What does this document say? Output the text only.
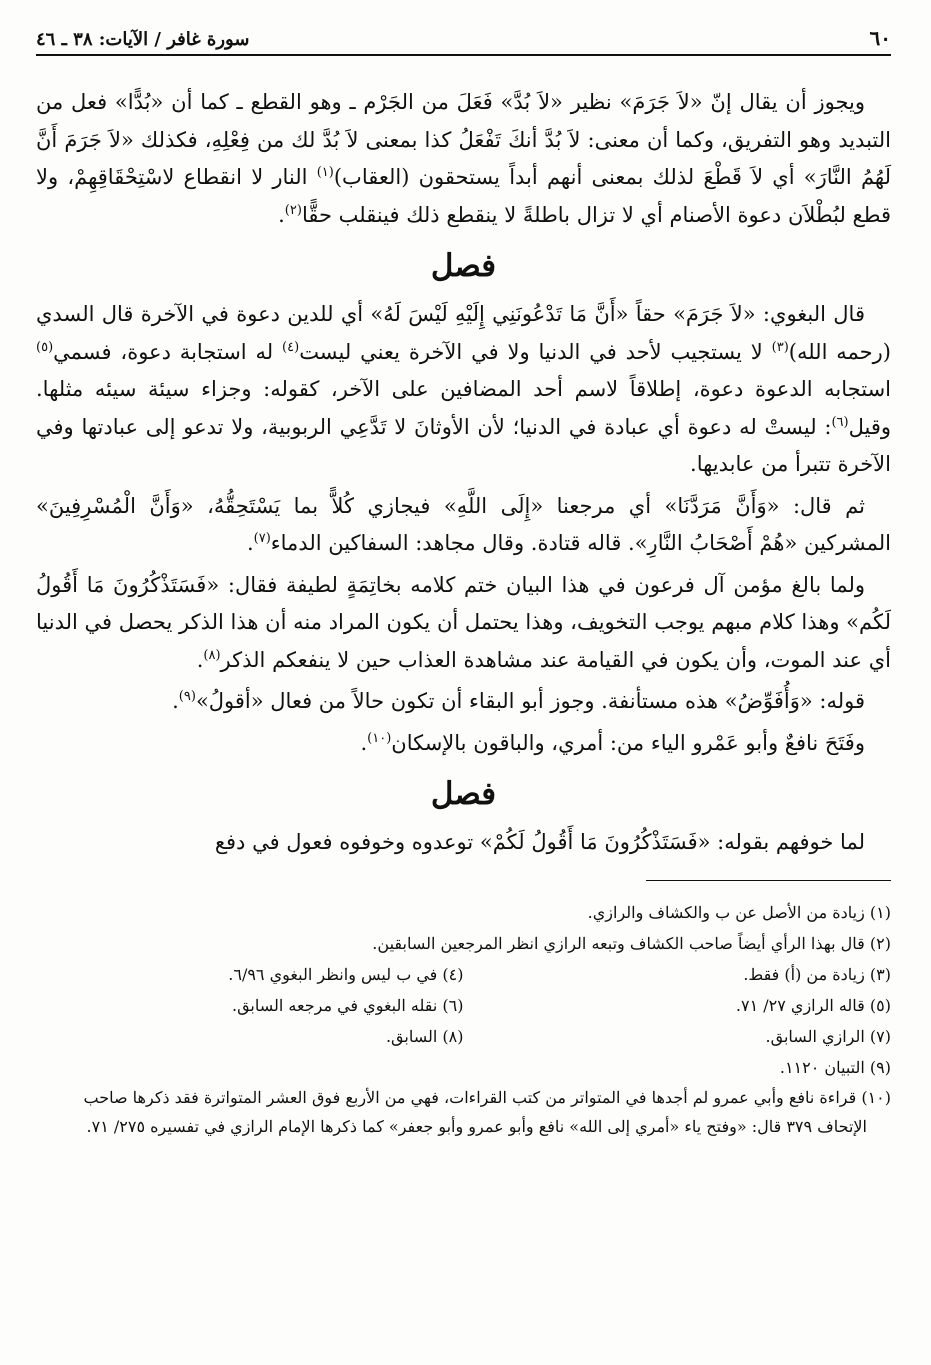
٦٠
سورة غافر / الآيات: ٣٨ ـ ٤٦

ويجوز أن يقال إنّ «لاَ جَرَمَ» نظير «لاَ بُدَّ» فَعَلَ من الجَرْم ـ وهو القطع ـ كما أن «بُدًّا» فعل من التبديد وهو التفريق، وكما أن معنى: لاَ بُدَّ أنكَ تَفْعَلُ كذا بمعنى لاَ بُدَّ لك من فِعْلِهِ، فكذلك «لاَ جَرَمَ أَنَّ لَهُمُ النَّارَ» أي لاَ قَطْعَ لذلك بمعنى أنهم أبداً يستحقون (العقاب)$^{(١)}$ النار لا انقطاع لاسْتِحْقَاقِهِمْ، ولا قطع لبُطْلاَن دعوة الأصنام أي لا تزال باطلةً لا ينقطع ذلك فينقلب حقًّا$^{(٢)}$.

فصل

قال البغوي: «لاَ جَرَمَ» حقاً «أَنَّ مَا تَدْعُونَنِي إِلَيْهِ لَيْسَ لَهُ» أي للدين دعوة في الآخرة قال السدي (رحمه الله)$^{(٣)}$ لا يستجيب لأحد في الدنيا ولا في الآخرة يعني ليست$^{(٤)}$ له استجابة دعوة، فسمي$^{(٥)}$ استجابه الدعوة دعوة، إطلاقاً لاسم أحد المضافين على الآخر، كقوله: وجزاء سيئة سيئه مثلها. وقيل$^{(٦)}$: ليستْ له دعوة أي عبادة في الدنيا؛ لأن الأوثانَ لا تَدَّعِي الربوبية، ولا تدعو إلى عبادتها وفي الآخرة تتبرأ من عابديها.

ثم قال: «وَأَنَّ مَرَدَّنَا» أي مرجعنا «إِلَى اللَّهِ» فيجازي كُلاًّ بما يَسْتَحِقُّهُ، «وَأَنَّ الْمُسْرِفِينَ» المشركين «هُمْ أَصْحَابُ النَّارِ». قاله قتادة. وقال مجاهد: السفاكين الدماء$^{(٧)}$.

ولما بالغ مؤمن آل فرعون في هذا البيان ختم كلامه بخاتِمَةٍ لطيفة فقال: «فَسَتَذْكُرُونَ مَا أَقُولُ لَكُم» وهذا كلام مبهم يوجب التخويف، وهذا يحتمل أن يكون المراد منه أن هذا الذكر يحصل في الدنيا أي عند الموت، وأن يكون في القيامة عند مشاهدة العذاب حين لا ينفعكم الذكر$^{(٨)}$.

قوله: «وَأُفَوِّضُ» هذه مستأنفة. وجوز أبو البقاء أن تكون حالاً من فعال «أقولُ»$^{(٩)}$.

وفَتَحَ نافعٌ وأبو عَمْرو الياء من: أمري، والباقون بالإسكان$^{(١٠)}$.

فصل

لما خوفهم بقوله: «فَسَتَذْكُرُونَ مَا أَقُولُ لَكُمْ» توعدوه وخوفوه فعول في دفع

(١) زيادة من الأصل عن ب والكشاف والرازي.
(٢) قال بهذا الرأي أيضاً صاحب الكشاف وتبعه الرازي انظر المرجعين السابقين.
(٣) زيادة من (أ) فقط.
(٤) في ب ليس وانظر البغوي ٦/٩٦.
(٥) قاله الرازي ٢٧/ ٧١.
(٦) نقله البغوي في مرجعه السابق.
(٧) الرازي السابق.
(٨) السابق.
(٩) التبيان ١١٢٠.
(١٠) قراءة نافع وأبي عمرو لم أجدها في المتواتر من كتب القراءات، فهي من الأربع فوق العشر المتواترة فقد ذكرها صاحب الإتحاف ٣٧٩ قال: «وفتح ياء «أمري إلى الله» نافع وأبو عمرو وأبو جعفر» كما ذكرها الإمام الرازي في تفسيره ٢٧٥/ ٧١.
